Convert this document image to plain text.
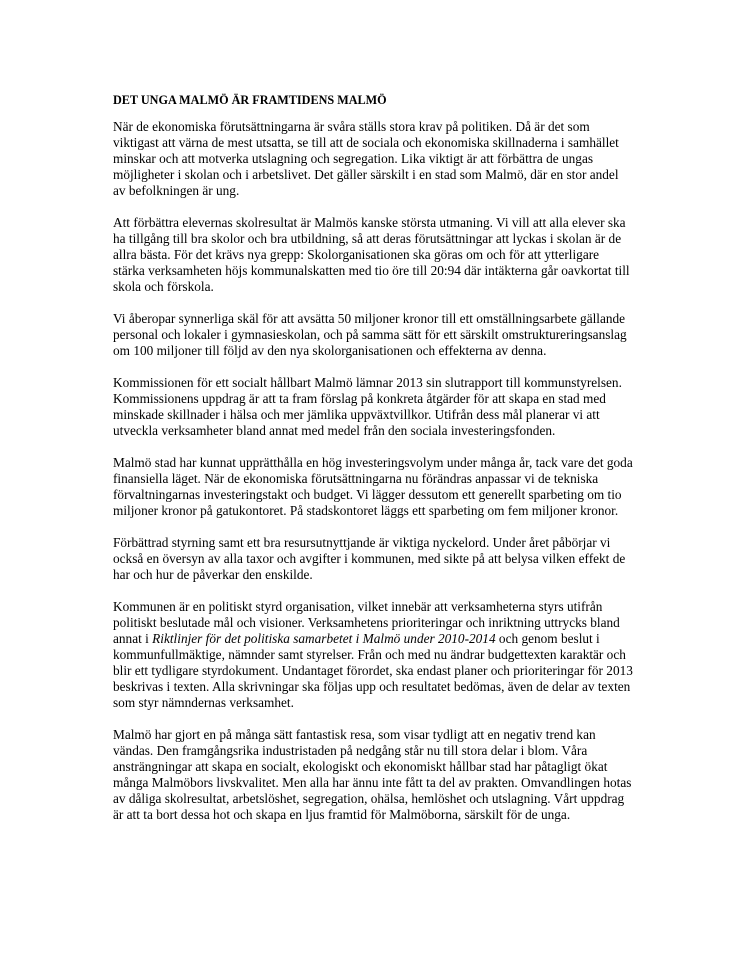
DET UNGA MALMÖ ÄR FRAMTIDENS MALMÖ

När de ekonomiska förutsättningarna är svåra ställs stora krav på politiken. Då är det som viktigast att värna de mest utsatta, se till att de sociala och ekonomiska skillnaderna i samhället minskar och att motverka utslagning och segregation. Lika viktigt är att förbättra de ungas möjligheter i skolan och i arbetslivet. Det gäller särskilt i en stad som Malmö, där en stor andel av befolkningen är ung.

Att förbättra elevernas skolresultat är Malmös kanske största utmaning. Vi vill att alla elever ska ha tillgång till bra skolor och bra utbildning, så att deras förutsättningar att lyckas i skolan är de allra bästa. För det krävs nya grepp: Skolorganisationen ska göras om och för att ytterligare stärka verksamheten höjs kommunalskatten med tio öre till 20:94 där intäkterna går oavkortat till skola och förskola.

Vi åberopar synnerliga skäl för att avsätta 50 miljoner kronor till ett omställningsarbete gällande personal och lokaler i gymnasieskolan, och på samma sätt för ett särskilt omstruktureringsanslag om 100 miljoner till följd av den nya skolorganisationen och effekterna av denna.

Kommissionen för ett socialt hållbart Malmö lämnar 2013 sin slutrapport till kommunstyrelsen. Kommissionens uppdrag är att ta fram förslag på konkreta åtgärder för att skapa en stad med minskade skillnader i hälsa och mer jämlika uppväxtvillkor. Utifrån dess mål planerar vi att utveckla verksamheter bland annat med medel från den sociala investeringsfonden.

Malmö stad har kunnat upprätthålla en hög investeringsvolym under många år, tack vare det goda finansiella läget. När de ekonomiska förutsättningarna nu förändras anpassar vi de tekniska förvaltningarnas investeringstakt och budget. Vi lägger dessutom ett generellt sparbeting om tio miljoner kronor på gatukontoret. På stadskontoret läggs ett sparbeting om fem miljoner kronor.

Förbättrad styrning samt ett bra resursutnyttjande är viktiga nyckelord. Under året påbörjar vi också en översyn av alla taxor och avgifter i kommunen, med sikte på att belysa vilken effekt de har och hur de påverkar den enskilde.

Kommunen är en politiskt styrd organisation, vilket innebär att verksamheterna styrs utifrån politiskt beslutade mål och visioner. Verksamhetens prioriteringar och inriktning uttrycks bland annat i Riktlinjer för det politiska samarbetet i Malmö under 2010-2014 och genom beslut i kommunfullmäktige, nämnder samt styrelser. Från och med nu ändrar budgettexten karaktär och blir ett tydligare styrdokument. Undantaget förordet, ska endast planer och prioriteringar för 2013 beskrivas i texten. Alla skrivningar ska följas upp och resultatet bedömas, även de delar av texten som styr nämndernas verksamhet.

Malmö har gjort en på många sätt fantastisk resa, som visar tydligt att en negativ trend kan vändas. Den framgångsrika industristaden på nedgång står nu till stora delar i blom. Våra ansträngningar att skapa en socialt, ekologiskt och ekonomiskt hållbar stad har påtagligt ökat många Malmöbors livskvalitet. Men alla har ännu inte fått ta del av prakten. Omvandlingen hotas av dåliga skolresultat, arbetslöshet, segregation, ohälsa, hemlöshet och utslagning. Vårt uppdrag är att ta bort dessa hot och skapa en ljus framtid för Malmöborna, särskilt för de unga.
